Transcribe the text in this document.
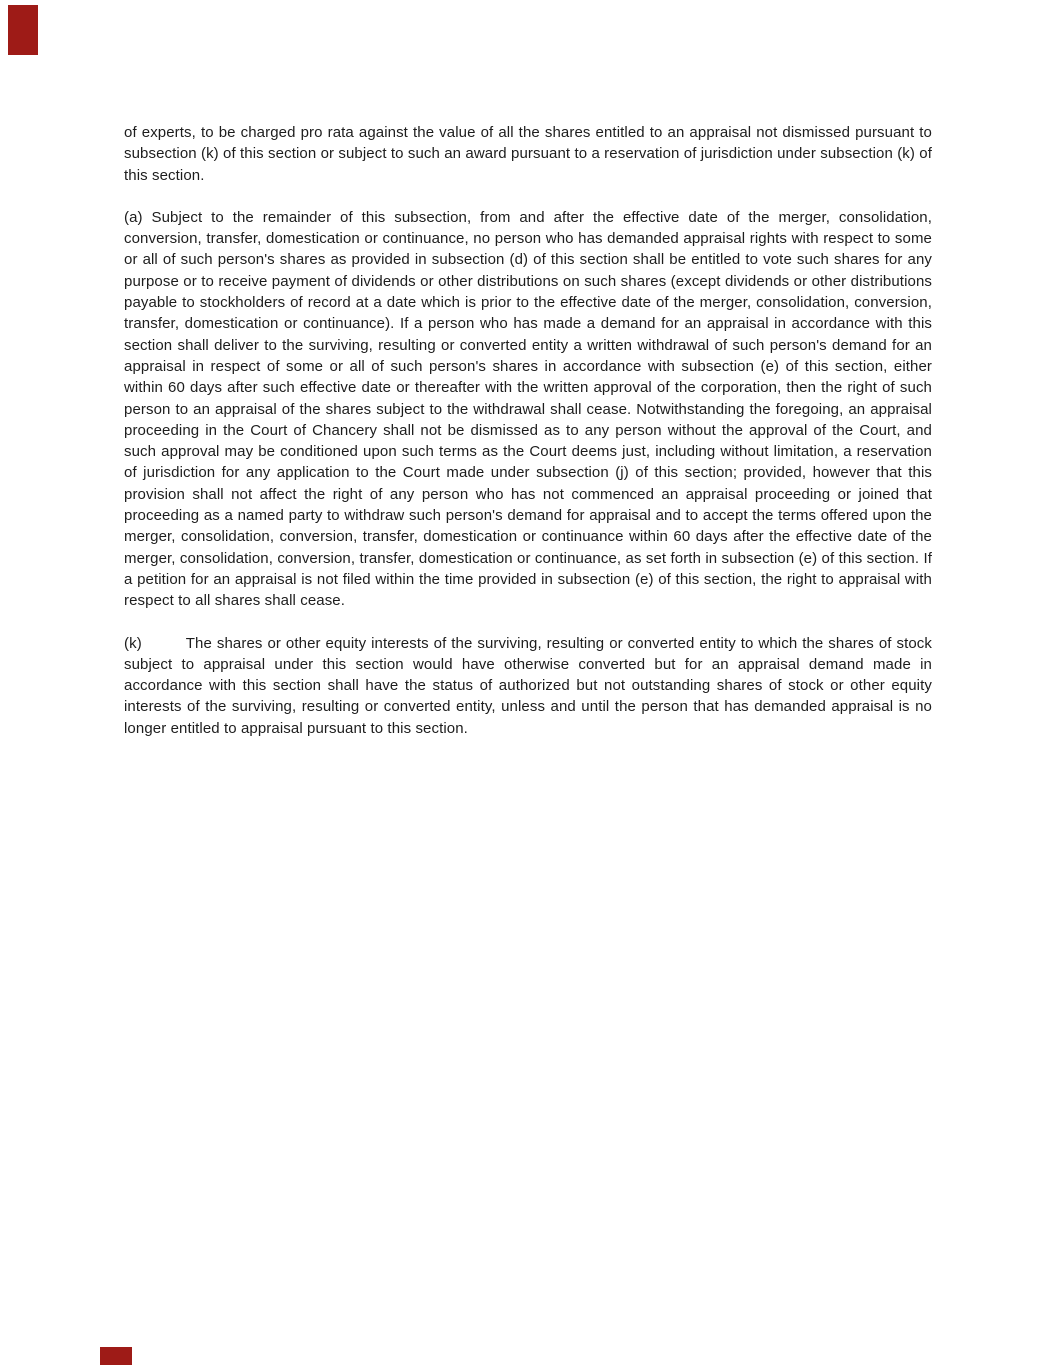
of experts, to be charged pro rata against the value of all the shares entitled to an appraisal not dismissed pursuant to subsection (k) of this section or subject to such an award pursuant to a reservation of jurisdiction under subsection (k) of this section.

(a) Subject to the remainder of this subsection, from and after the effective date of the merger, consolidation, conversion, transfer, domestication or continuance, no person who has demanded appraisal rights with respect to some or all of such person's shares as provided in subsection (d) of this section shall be entitled to vote such shares for any purpose or to receive payment of dividends or other distributions on such shares (except dividends or other distributions payable to stockholders of record at a date which is prior to the effective date of the merger, consolidation, conversion, transfer, domestication or continuance). If a person who has made a demand for an appraisal in accordance with this section shall deliver to the surviving, resulting or converted entity a written withdrawal of such person's demand for an appraisal in respect of some or all of such person's shares in accordance with subsection (e) of this section, either within 60 days after such effective date or thereafter with the written approval of the corporation, then the right of such person to an appraisal of the shares subject to the withdrawal shall cease. Notwithstanding the foregoing, an appraisal proceeding in the Court of Chancery shall not be dismissed as to any person without the approval of the Court, and such approval may be conditioned upon such terms as the Court deems just, including without limitation, a reservation of jurisdiction for any application to the Court made under subsection (j) of this section; provided, however that this provision shall not affect the right of any person who has not commenced an appraisal proceeding or joined that proceeding as a named party to withdraw such person's demand for appraisal and to accept the terms offered upon the merger, consolidation, conversion, transfer, domestication or continuance within 60 days after the effective date of the merger, consolidation, conversion, transfer, domestication or continuance, as set forth in subsection (e) of this section. If a petition for an appraisal is not filed within the time provided in subsection (e) of this section, the right to appraisal with respect to all shares shall cease.

(k)	The shares or other equity interests of the surviving, resulting or converted entity to which the shares of stock subject to appraisal under this section would have otherwise converted but for an appraisal demand made in accordance with this section shall have the status of authorized but not outstanding shares of stock or other equity interests of the surviving, resulting or converted entity, unless and until the person that has demanded appraisal is no longer entitled to appraisal pursuant to this section.
